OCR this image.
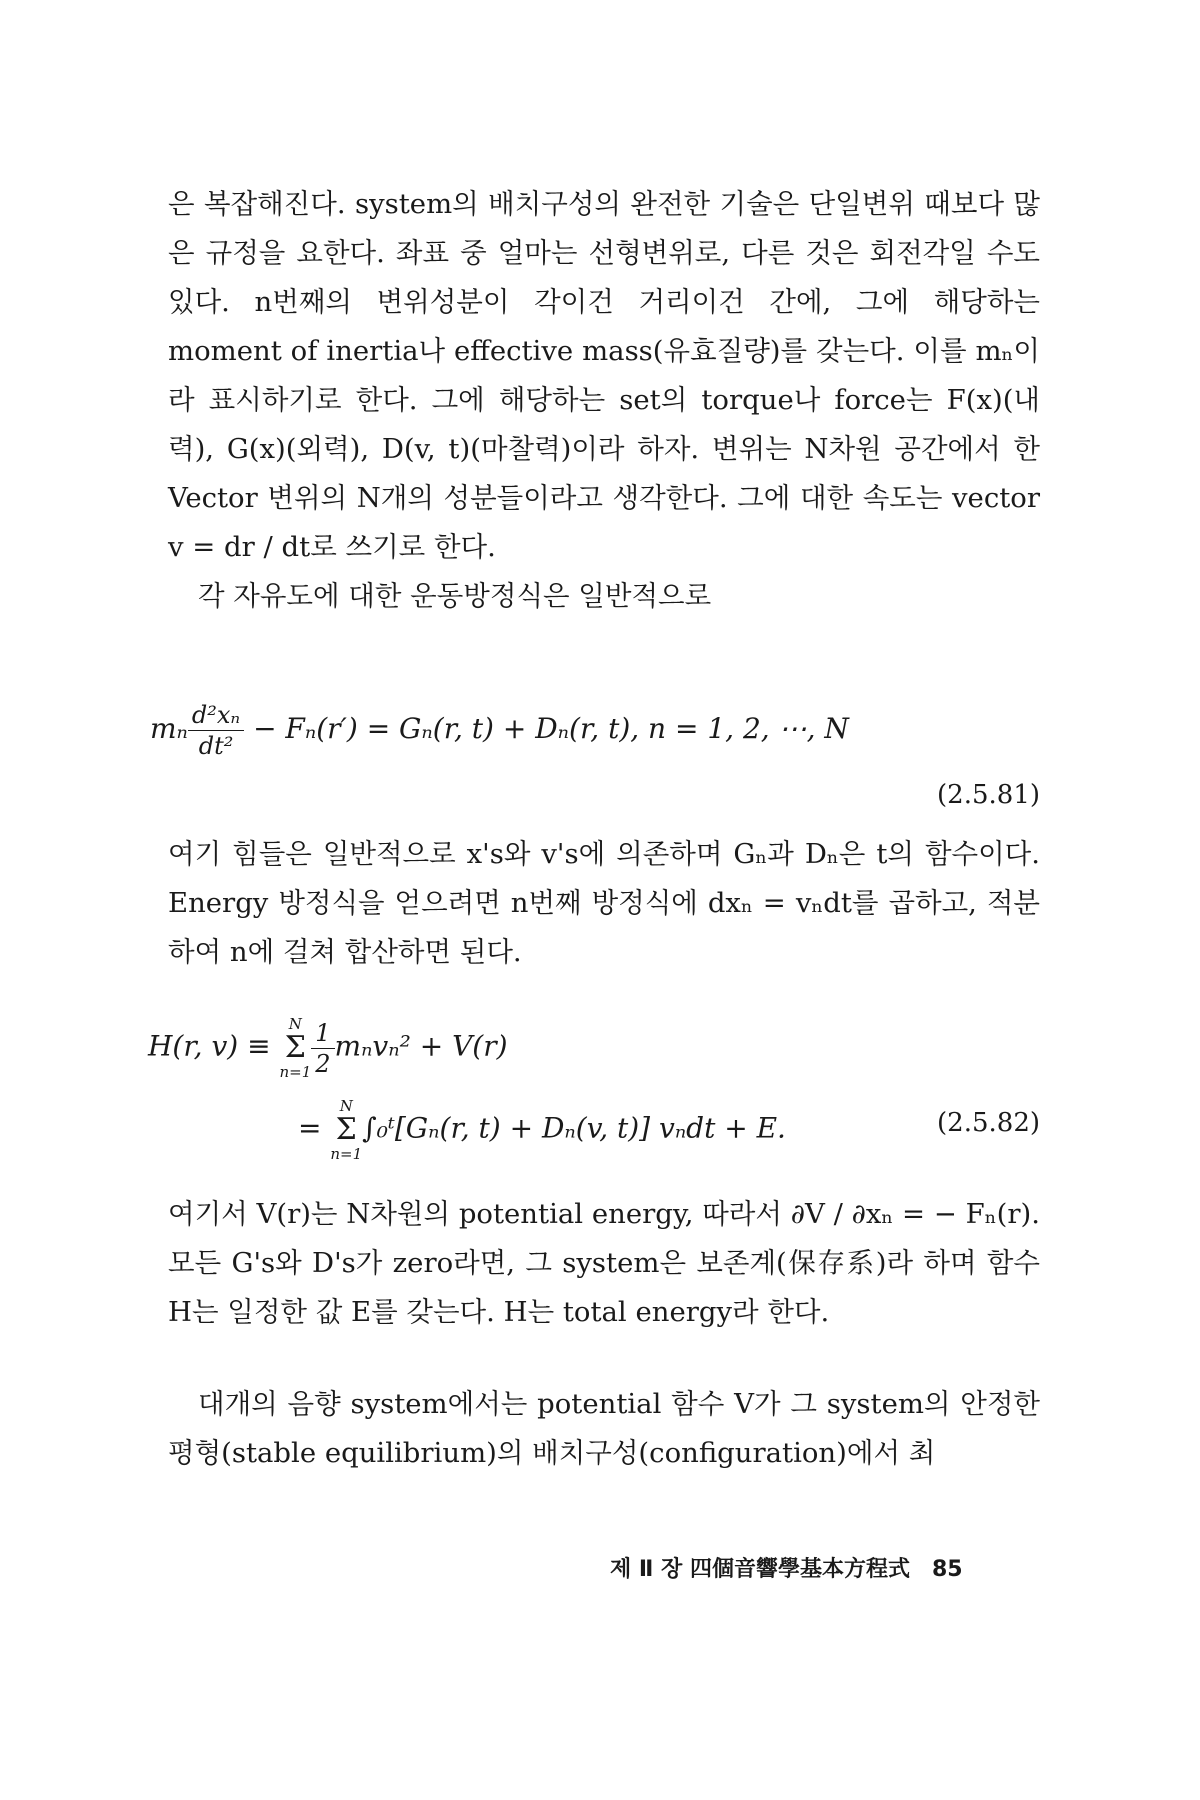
은 복잡해진다. system의 배치구성의 완전한 기술은 단일변위 때보다 많은 규정을 요한다. 좌표 중 얼마는 선형변위로, 다른 것은 회전각일 수도 있다. n번째의 변위성분이 각이건 거리이건 간에, 그에 해당하는 moment of inertia나 effective mass(유효질량)를 갖는다. 이를 mₙ이라 표시하기로 한다. 그에 해당하는 set의 torque나 force는 F(x)(내력), G(x)(외력), D(v, t)(마찰력)이라 하자. 변위는 N차원 공간에서 한 Vector 변위의 N개의 성분들이라고 생각한다. 그에 대한 속도는 vector v = dr / dt로 쓰기로 한다.

각 자유도에 대한 운동방정식은 일반적으로

mₙ $\frac{\text{d²xₙ}}{\text{dt²}} - F_n(r') = G_n(r$, t) + Dₙ(r, t), n = 1, 2, ⋯, N
(2.5.81)

여기 힘들은 일반적으로 x's와 v's에 의존하며 Gₙ과 Dₙ은 t의 함수이다. Energy 방정식을 얻으려면 n번째 방정식에 dxₙ = vₙdt를 곱하고, 적분하여 n에 걸쳐 합산하면 된다.

H(r, v) ≡
N
Σ
$n=1 \frac{1}{2} m_nv_n^2 + V(r)$
=
N
Σ
n=1
∫₀ᵗ[Gₙ(r, t) + Dₙ(v, t)] vₙdt + E.	(2.5.82)

여기서 V(r)는 N차원의 potential energy, 따라서 ∂V / ∂xₙ = − Fₙ(r). 모든 G's와 D's가 zero라면, 그 system은 보존계(保存系)라 하며 함수 H는 일정한 값 E를 갖는다. H는 total energy라 한다.

대개의 음향 system에서는 potential 함수 V가 그 system의 안정한 평형(stable equilibrium)의 배치구성(configuration)에서 최

제 Ⅱ 장 四個音響學基本方程式 85
